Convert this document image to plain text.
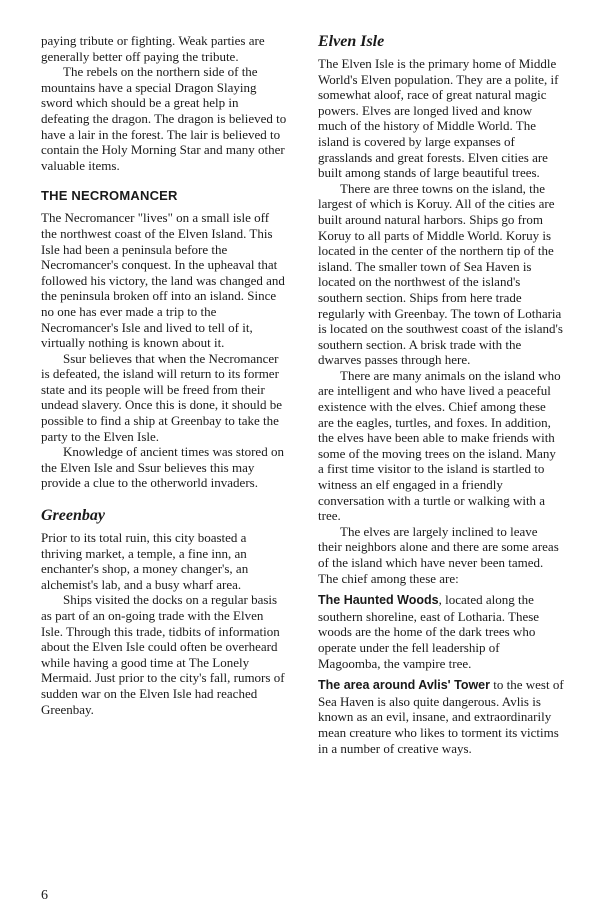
paying tribute or fighting. Weak parties are generally better off paying the tribute.

The rebels on the northern side of the mountains have a special Dragon Slaying sword which should be a great help in defeating the dragon. The dragon is believed to have a lair in the forest. The lair is believed to contain the Holy Morning Star and many other valuable items.

THE NECROMANCER

The Necromancer "lives" on a small isle off the northwest coast of the Elven Island. This Isle had been a peninsula before the Necromancer's conquest. In the upheaval that followed his victory, the land was changed and the peninsula broken off into an island. Since no one has ever made a trip to the Necromancer's Isle and lived to tell of it, virtually nothing is known about it.

Ssur believes that when the Necromancer is defeated, the island will return to its former state and its people will be freed from their undead slavery. Once this is done, it should be possible to find a ship at Greenbay to take the party to the Elven Isle.

Knowledge of ancient times was stored on the Elven Isle and Ssur believes this may provide a clue to the otherworld invaders.

Greenbay

Prior to its total ruin, this city boasted a thriving market, a temple, a fine inn, an enchanter's shop, a money changer's, an alchemist's lab, and a busy wharf area.

Ships visited the docks on a regular basis as part of an on-going trade with the Elven Isle. Through this trade, tidbits of information about the Elven Isle could often be overheard while having a good time at The Lonely Mermaid. Just prior to the city's fall, rumors of sudden war on the Elven Isle had reached Greenbay.

Elven Isle

The Elven Isle is the primary home of Middle World's Elven population. They are a polite, if somewhat aloof, race of great natural magic powers. Elves are longed lived and know much of the history of Middle World. The island is covered by large expanses of grasslands and great forests. Elven cities are built among stands of large beautiful trees.

There are three towns on the island, the largest of which is Koruy. All of the cities are built around natural harbors. Ships go from Koruy to all parts of Middle World. Koruy is located in the center of the northern tip of the island. The smaller town of Sea Haven is located on the northwest of the island's southern section. Ships from here trade regularly with Greenbay. The town of Lotharia is located on the southwest coast of the island's southern section. A brisk trade with the dwarves passes through here.

There are many animals on the island who are intelligent and who have lived a peaceful existence with the elves. Chief among these are the eagles, turtles, and foxes. In addition, the elves have been able to make friends with some of the moving trees on the island. Many a first time visitor to the island is startled to witness an elf engaged in a friendly conversation with a turtle or walking with a tree.

The elves are largely inclined to leave their neighbors alone and there are some areas of the island which have never been tamed. The chief among these are:

The Haunted Woods, located along the southern shoreline, east of Lotharia. These woods are the home of the dark trees who operate under the fell leadership of Magoomba, the vampire tree.

The area around Avlis' Tower to the west of Sea Haven is also quite dangerous. Avlis is known as an evil, insane, and extraordinarily mean creature who likes to torment its victims in a number of creative ways.

6
